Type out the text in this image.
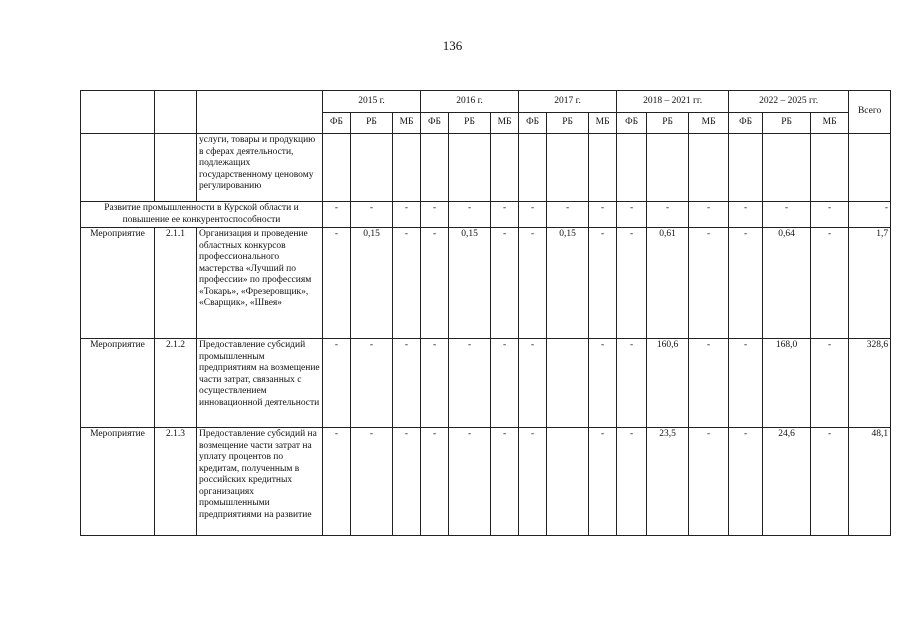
136
			2015 г.			2016 г.			2017 г.			2018 – 2021 гг.			2022 – 2025 гг.			Всего
			ФБ	РБ	МБ	ФБ	РБ	МБ	ФБ	РБ	МБ	ФБ	РБ	МБ	ФБ	РБ	МБ	
		услуги, товары и продукцию в сферах деятельности, подлежащих государственному ценовому регулированию																
Развитие промышленности в Курской области и повышение ее конкурентоспособности			-	-	-	-	-	-	-	-	-	-	-	-	-	-	-	-
Мероприятие	2.1.1	Организация и проведение областных конкурсов профессионального мастерства «Лучший по профессии» по профессиям «Токарь», «Фрезеровщик», «Сварщик», «Швея»	-	0,15	-	-	0,15	-	-	0,15	-	-	0,61	-	-	0,64	-	1,7
Мероприятие	2.1.2	Предоставление субсидий промышленным предприятиям на возмещение части затрат, связанных с осуществлением инновационной деятельности	-	-	-	-	-	-	-		-	-	160,6	-	-	168,0	-	328,6
Мероприятие	2.1.3	Предоставление субсидий на возмещение части затрат на уплату процентов по кредитам, полученным в российских кредитных организациях промышленными предприятиями на развитие	-	-	-	-	-	-	-		-	-	23,5	-	-	24,6	-	48,1
